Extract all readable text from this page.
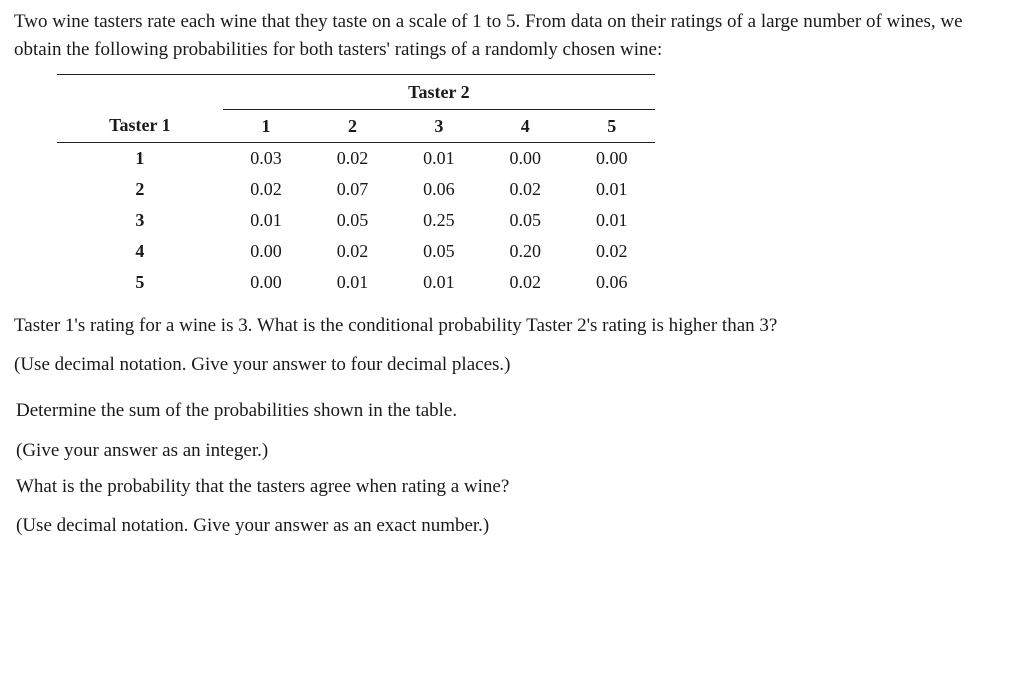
Two wine tasters rate each wine that they taste on a scale of 1 to 5. From data on their ratings of a large number of wines, we obtain the following probabilities for both tasters' ratings of a randomly chosen wine:

	Taster 2				
Taster 1	1	2	3	4	5
1	0.03	0.02	0.01	0.00	0.00
2	0.02	0.07	0.06	0.02	0.01
3	0.01	0.05	0.25	0.05	0.01
4	0.00	0.02	0.05	0.20	0.02
5	0.00	0.01	0.01	0.02	0.06

Taster 1's rating for a wine is 3. What is the conditional probability Taster 2's rating is higher than 3?

(Use decimal notation. Give your answer to four decimal places.)

Determine the sum of the probabilities shown in the table.

(Give your answer as an integer.)

What is the probability that the tasters agree when rating a wine?

(Use decimal notation. Give your answer as an exact number.)
